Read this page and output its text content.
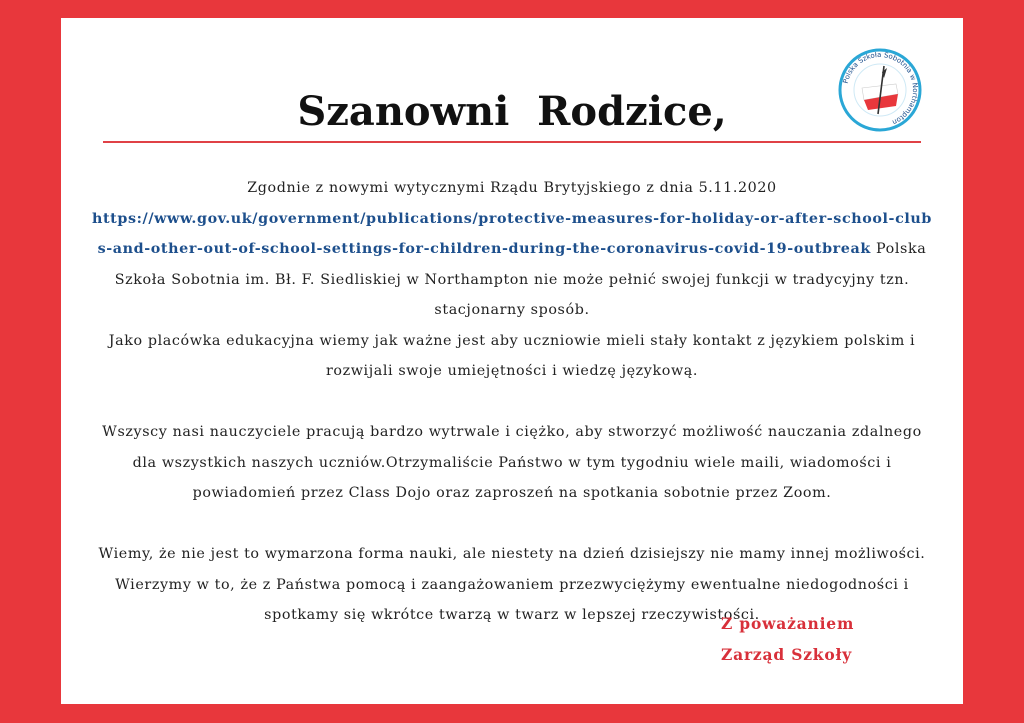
Polska Szkoła Sobotnia w Northampton
Szanowni  Rodzice,

Zgodnie z nowymi wytycznymi Rządu Brytyjskiego z dnia 5.11.2020
https://www.gov.uk/government/publications/protective-measures-for-holiday-or-after-school-clubs-and-other-out-of-school-settings-for-children-during-the-coronavirus-covid-19-outbreak Polska Szkoła Sobotnia im. Bł. F. Siedliskiej w Northampton nie może pełnić swojej funkcji w tradycyjny tzn. stacjonarny sposób.

Jako placówka edukacyjna wiemy jak ważne jest aby uczniowie mieli stały kontakt z językiem polskim i rozwijali swoje umiejętności i wiedzę językową.

Wszyscy nasi nauczyciele pracują bardzo wytrwale i ciężko, aby stworzyć możliwość nauczania zdalnego dla wszystkich naszych uczniów.Otrzymaliście Państwo w tym tygodniu wiele maili, wiadomości i powiadomień przez Class Dojo oraz zaproszeń na spotkania sobotnie przez Zoom.

Wiemy, że nie jest to wymarzona forma nauki, ale niestety na dzień dzisiejszy nie mamy innej możliwości. Wierzymy w to, że z Państwa pomocą i zaangażowaniem przezwyciężymy ewentualne niedogodności i spotkamy się wkrótce twarzą w twarz w lepszej rzeczywistości.

Z poważaniem
Zarząd Szkoły
